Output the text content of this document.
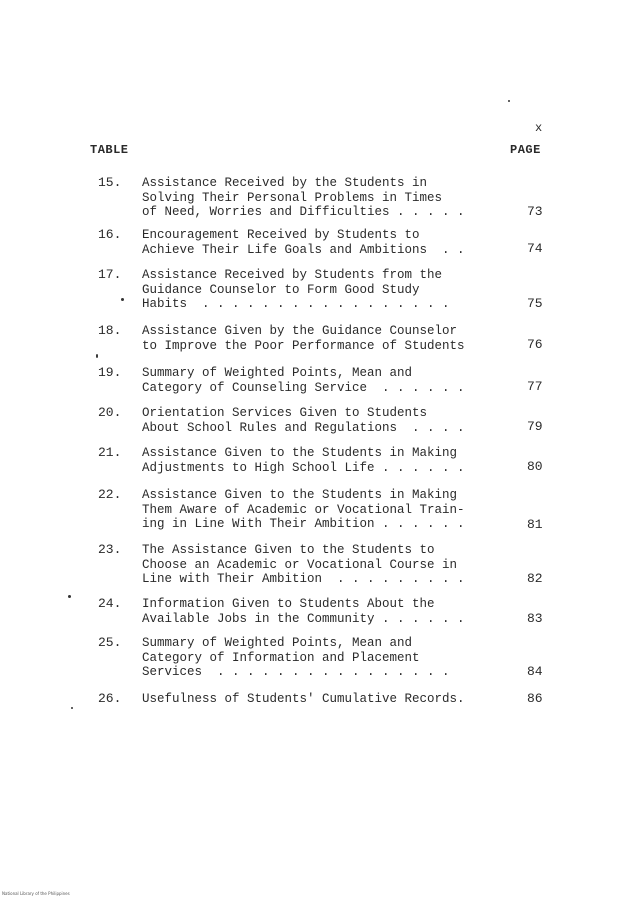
x
TABLE	PAGE
15. Assistance Received by the Students in
Solving Their Personal Problems in Times
of Need, Worries and Difficulties . . . . .	73
16. Encouragement Received by Students to
Achieve Their Life Goals and Ambitions  . .	74
17. Assistance Received by Students from the
Guidance Counselor to Form Good Study
Habits  . . . . . . . . . . . . . . . . .	75
18. Assistance Given by the Guidance Counselor
to Improve the Poor Performance of Students	76
19. Summary of Weighted Points, Mean and
Category of Counseling Service  . . . . . .	77
20. Orientation Services Given to Students
About School Rules and Regulations  . . . .	79
21. Assistance Given to the Students in Making
Adjustments to High School Life . . . . . .	80
22. Assistance Given to the Students in Making
Them Aware of Academic or Vocational Train-
ing in Line With Their Ambition . . . . . .	81
23. The Assistance Given to the Students to
Choose an Academic or Vocational Course in
Line with Their Ambition  . . . . . . . . .	82
24. Information Given to Students About the
Available Jobs in the Community . . . . . .	83
25. Summary of Weighted Points, Mean and
Category of Information and Placement
Services  . . . . . . . . . . . . . . . .	84
26. Usefulness of Students' Cumulative Records.	86
National Library of the Philippines
